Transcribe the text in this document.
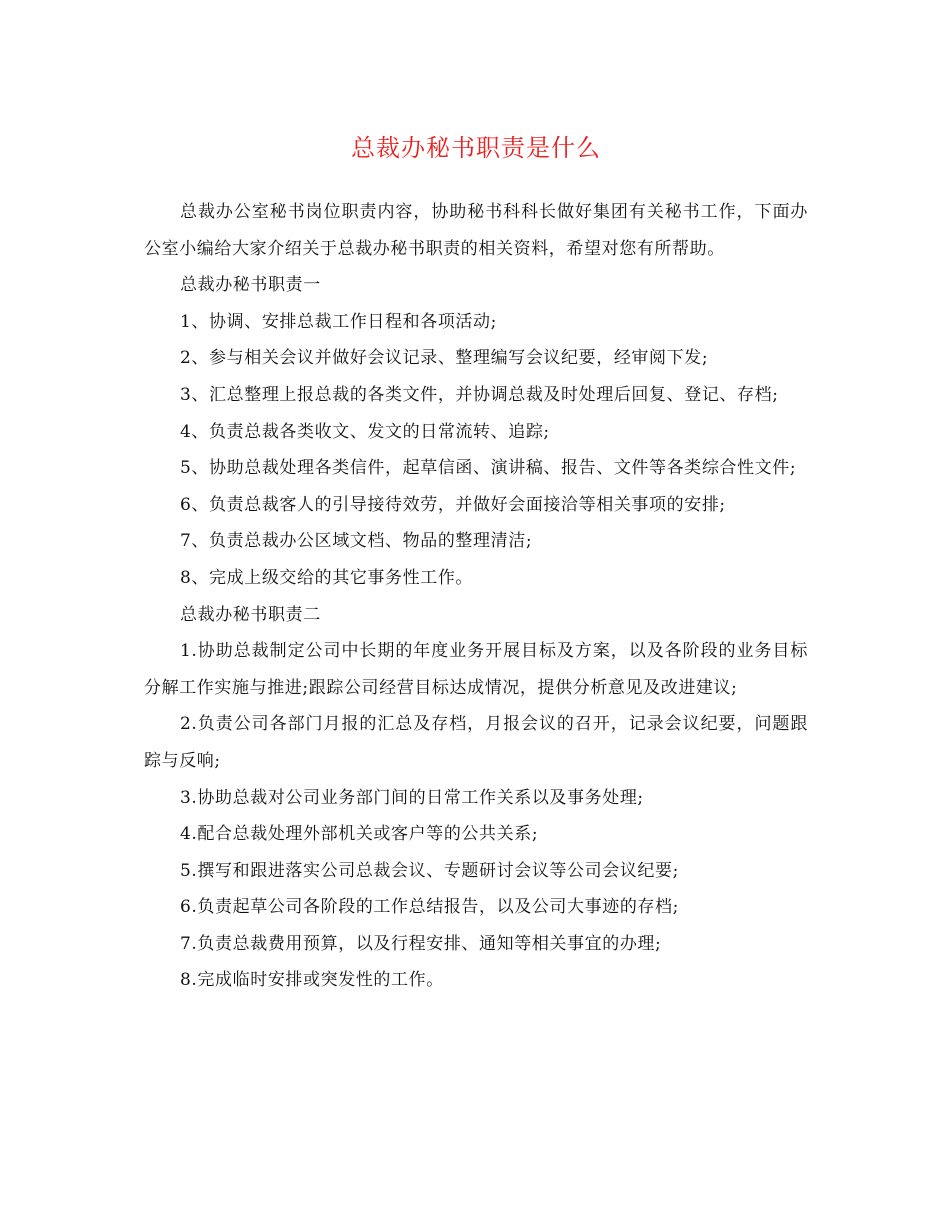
总裁办秘书职责是什么

总裁办公室秘书岗位职责内容，协助秘书科科长做好集团有关秘书工作，下面办公室小编给大家介绍关于总裁办秘书职责的相关资料，希望对您有所帮助。

总裁办秘书职责一

1、协调、安排总裁工作日程和各项活动;

2、参与相关会议并做好会议记录、整理编写会议纪要，经审阅下发;

3、汇总整理上报总裁的各类文件，并协调总裁及时处理后回复、登记、存档;

4、负责总裁各类收文、发文的日常流转、追踪;

5、协助总裁处理各类信件，起草信函、演讲稿、报告、文件等各类综合性文件;

6、负责总裁客人的引导接待效劳，并做好会面接洽等相关事项的安排;

7、负责总裁办公区域文档、物品的整理清洁;

8、完成上级交给的其它事务性工作。

总裁办秘书职责二

1.协助总裁制定公司中长期的年度业务开展目标及方案，以及各阶段的业务目标分解工作实施与推进;跟踪公司经营目标达成情况，提供分析意见及改进建议;

2.负责公司各部门月报的汇总及存档，月报会议的召开，记录会议纪要，问题跟踪与反响;

3.协助总裁对公司业务部门间的日常工作关系以及事务处理;

4.配合总裁处理外部机关或客户等的公共关系;

5.撰写和跟进落实公司总裁会议、专题研讨会议等公司会议纪要;

6.负责起草公司各阶段的工作总结报告，以及公司大事迹的存档;

7.负责总裁费用预算，以及行程安排、通知等相关事宜的办理;

8.完成临时安排或突发性的工作。
